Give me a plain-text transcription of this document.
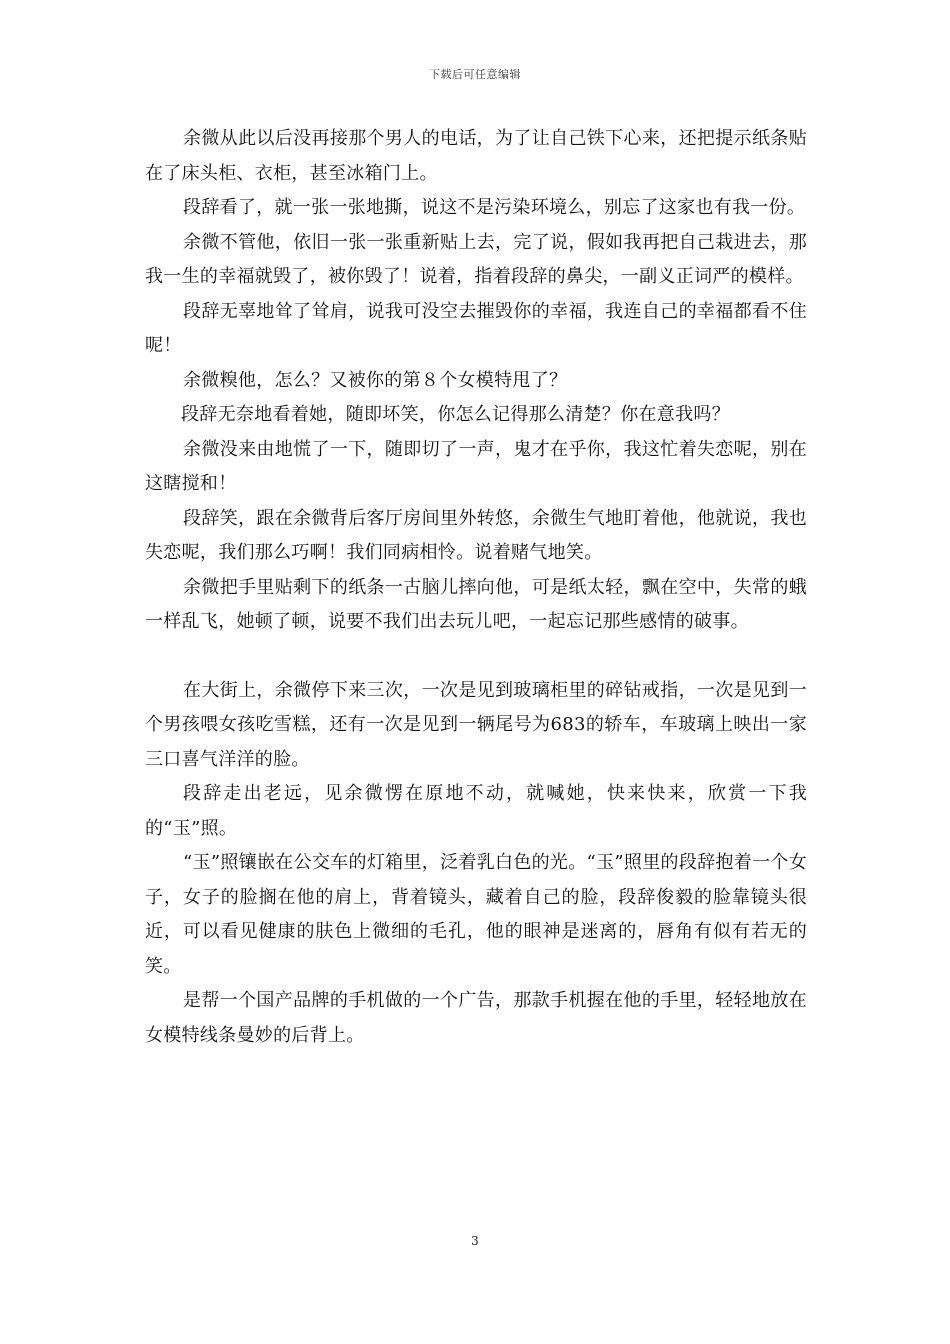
下载后可任意编辑

余微从此以后没再接那个男人的电话，为了让自己铁下心来，还把提示纸条贴在了床头柜、衣柜，甚至冰箱门上。

段辞看了，就一张一张地撕，说这不是污染环境么，别忘了这家也有我一份。

余微不管他，依旧一张一张重新贴上去，完了说，假如我再把自己栽进去，那我一生的幸福就毁了，被你毁了！说着，指着段辞的鼻尖，一副义正词严的模样。

段辞无辜地耸了耸肩，说我可没空去摧毁你的幸福，我连自己的幸福都看不住呢！

余微糗他，怎么？又被你的第８个女模特甩了？

段辞无奈地看着她，随即坏笑，你怎么记得那么清楚？你在意我吗？

余微没来由地慌了一下，随即切了一声，鬼才在乎你，我这忙着失恋呢，别在这瞎搅和！

段辞笑，跟在余微背后客厅房间里外转悠，余微生气地盯着他，他就说，我也失恋呢，我们那么巧啊！我们同病相怜。说着赌气地笑。

余微把手里贴剩下的纸条一古脑儿摔向他，可是纸太轻，飘在空中，失常的蛾一样乱飞，她顿了顿，说要不我们出去玩儿吧，一起忘记那些感情的破事。

在大街上，余微停下来三次，一次是见到玻璃柜里的碎钻戒指，一次是见到一个男孩喂女孩吃雪糕，还有一次是见到一辆尾号为683的轿车，车玻璃上映出一家三口喜气洋洋的脸。

段辞走出老远，见余微愣在原地不动，就喊她，快来快来，欣赏一下我的“玉”照。

“玉”照镶嵌在公交车的灯箱里，泛着乳白色的光。“玉”照里的段辞抱着一个女子，女子的脸搁在他的肩上，背着镜头，藏着自己的脸，段辞俊毅的脸靠镜头很近，可以看见健康的肤色上微细的毛孔，他的眼神是迷离的，唇角有似有若无的笑。

是帮一个国产品牌的手机做的一个广告，那款手机握在他的手里，轻轻地放在女模特线条曼妙的后背上。

3
